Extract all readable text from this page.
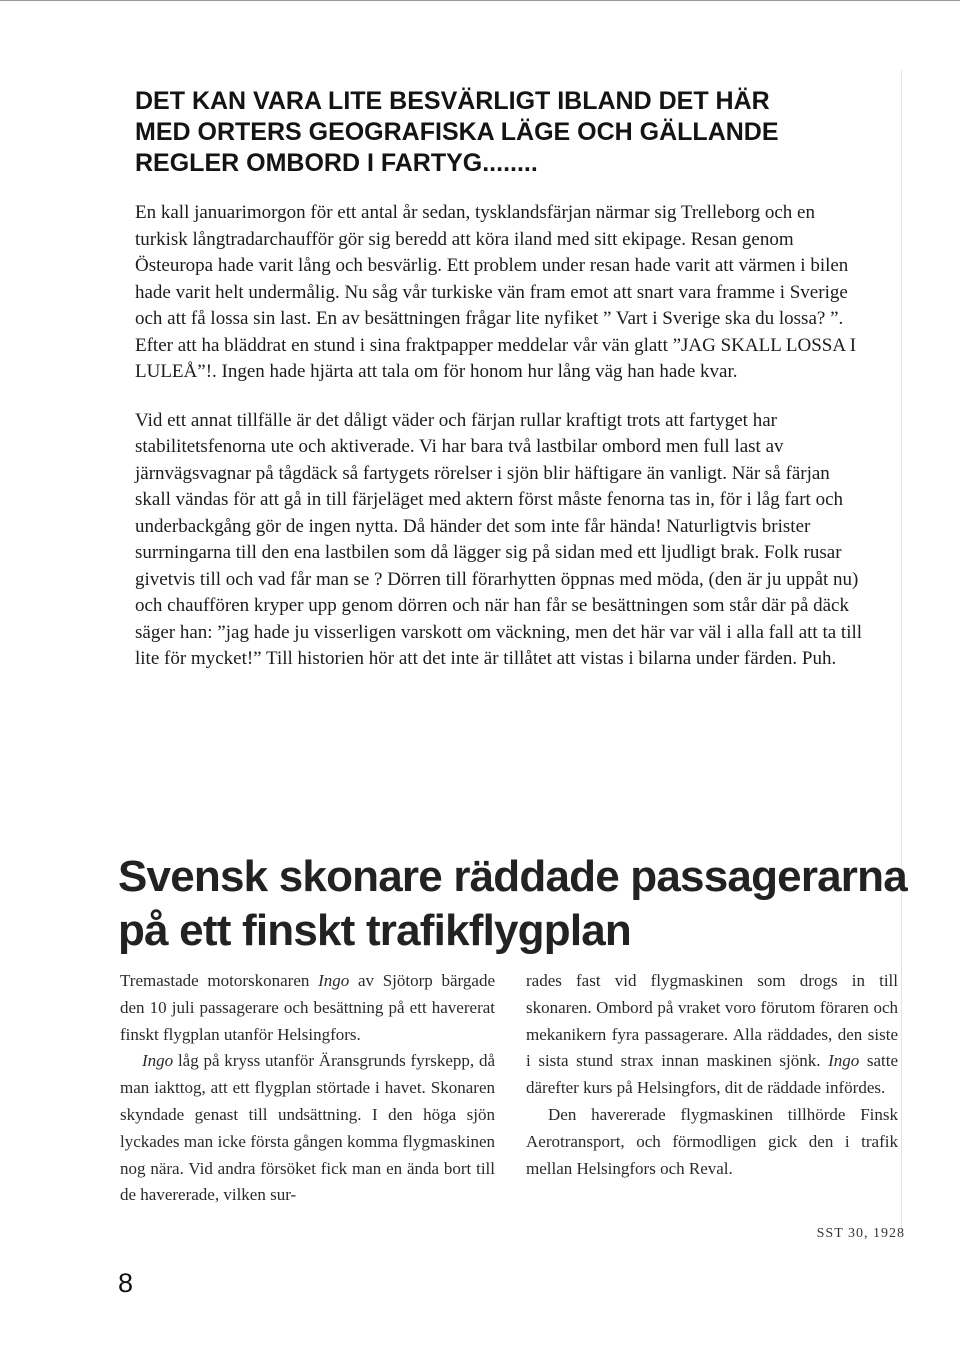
DET KAN VARA LITE BESVÄRLIGT IBLAND DET HÄR
MED ORTERS GEOGRAFISKA LÄGE OCH GÄLLANDE
REGLER OMBORD I FARTYG........

En kall januarimorgon för ett antal år sedan, tysklandsfärjan närmar sig Trelleborg och en turkisk långtradarchaufför gör sig beredd att köra iland med sitt ekipage. Resan genom Östeuropa hade varit lång och besvärlig. Ett problem under resan hade varit att värmen i bilen hade varit helt undermålig. Nu såg vår turkiske vän fram emot att snart vara framme i Sverige och att få lossa sin last. En av besättningen frågar lite nyfiket ” Vart i Sverige ska du lossa? ”. Efter att ha bläddrat en stund i sina fraktpapper meddelar vår vän glatt ”JAG SKALL LOSSA I LULEÅ”!. Ingen hade hjärta att tala om för honom hur lång väg han hade kvar.

Vid ett annat tillfälle är det dåligt väder och färjan rullar kraftigt trots att fartyget har stabilitetsfenorna ute och aktiverade. Vi har bara två lastbilar ombord men full last av järnvägsvagnar på tågdäck så fartygets rörelser i sjön blir häftigare än vanligt. När så färjan skall vändas för att gå in till färjeläget med aktern först måste fenorna tas in, för i låg fart och underbackgång gör de ingen nytta. Då händer det som inte får hända! Naturligtvis brister surrningarna till den ena lastbilen som då lägger sig på sidan med ett ljudligt brak. Folk rusar givetvis till och vad får man se ? Dörren till förarhytten öppnas med möda, (den är ju uppåt nu) och chauffören kryper upp genom dörren och när han får se besättningen som står där på däck säger han: ”jag hade ju visserligen varskott om väckning, men det här var väl i alla fall att ta till lite för mycket!” Till historien hör att det inte är tillåtet att vistas i bilarna under färden. Puh.

Svensk skonare räddade passagerarna
på ett finskt trafikflygplan

Tremastade motorskonaren Ingo av Sjötorp bärgade den 10 juli passagerare och besättning på ett havererat finskt flygplan utanför Helsingfors.

Ingo låg på kryss utanför Äransgrunds fyrskepp, då man iakttog, att ett flygplan störtade i havet. Skonaren skyndade genast till undsättning. I den höga sjön lyckades man icke första gången komma flygmaskinen nog nära. Vid andra försöket fick man en ända bort till de havererade, vilken sur-

rades fast vid flygmaskinen som drogs in till skonaren. Ombord på vraket voro förutom föraren och mekanikern fyra passagerare. Alla räddades, den siste i sista stund strax innan maskinen sjönk. Ingo satte därefter kurs på Helsingfors, dit de räddade infördes.

Den havererade flygmaskinen tillhörde Finsk Aerotransport, och förmodligen gick den i trafik mellan Helsingfors och Reval.

SST 30, 1928
8
